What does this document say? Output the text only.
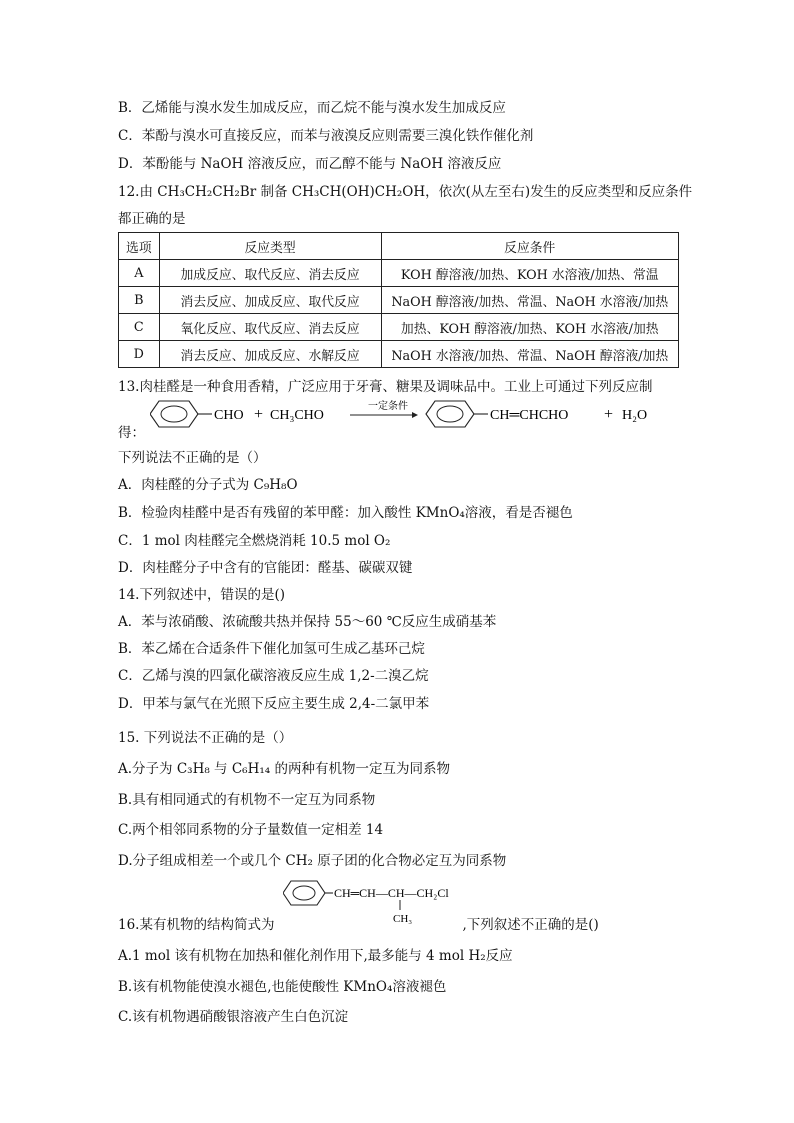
B．乙烯能与溴水发生加成反应，而乙烷不能与溴水发生加成反应
C．苯酚与溴水可直接反应，而苯与液溴反应则需要三溴化铁作催化剂
D．苯酚能与 NaOH 溶液反应，而乙醇不能与 NaOH 溶液反应
12.由 CH₃CH₂CH₂Br 制备 CH₃CH(OH)CH₂OH，依次(从左至右)发生的反应类型和反应条件
都正确的是
选项	反应类型	反应条件
A	加成反应、取代反应、消去反应	KOH 醇溶液/加热、KOH 水溶液/加热、常温
B	消去反应、加成反应、取代反应	NaOH 醇溶液/加热、常温、NaOH 水溶液/加热
C	氧化反应、取代反应、消去反应	加热、KOH 醇溶液/加热、KOH 水溶液/加热
D	消去反应、加成反应、水解反应	NaOH 水溶液/加热、常温、NaOH 醇溶液/加热
13.肉桂醛是一种食用香精，广泛应用于牙膏、糖果及调味品中。工业上可通过下列反应制
得：
CHO + CH₃CHO
一定条件
CH═CHCHO + H₂O
下列说法不正确的是（）
A．肉桂醛的分子式为 C₉H₈O
B．检验肉桂醛中是否有残留的苯甲醛：加入酸性 KMnO₄溶液，看是否褪色
C．1 mol 肉桂醛完全燃烧消耗 10.5 mol O₂
D．肉桂醛分子中含有的官能团：醛基、碳碳双键
14.下列叙述中，错误的是()
A．苯与浓硝酸、浓硫酸共热并保持 55～60 ℃反应生成硝基苯
B．苯乙烯在合适条件下催化加氢可生成乙基环己烷
C．乙烯与溴的四氯化碳溶液反应生成 1,2-二溴乙烷
D．甲苯与氯气在光照下反应主要生成 2,4-二氯甲苯
15. 下列说法不正确的是（）
A.分子为 C₃H₈ 与 C₆H₁₄ 的两种有机物一定互为同系物
B.具有相同通式的有机物不一定互为同系物
C.两个相邻同系物的分子量数值一定相差 14
D.分子组成相差一个或几个 CH₂ 原子团的化合物必定互为同系物
CH═CH—CH—CH₂Cl
CH₃
16.某有机物的结构简式为	,下列叙述不正确的是()
A.1 mol 该有机物在加热和催化剂作用下,最多能与 4 mol H₂反应
B.该有机物能使溴水褪色,也能使酸性 KMnO₄溶液褪色
C.该有机物遇硝酸银溶液产生白色沉淀
